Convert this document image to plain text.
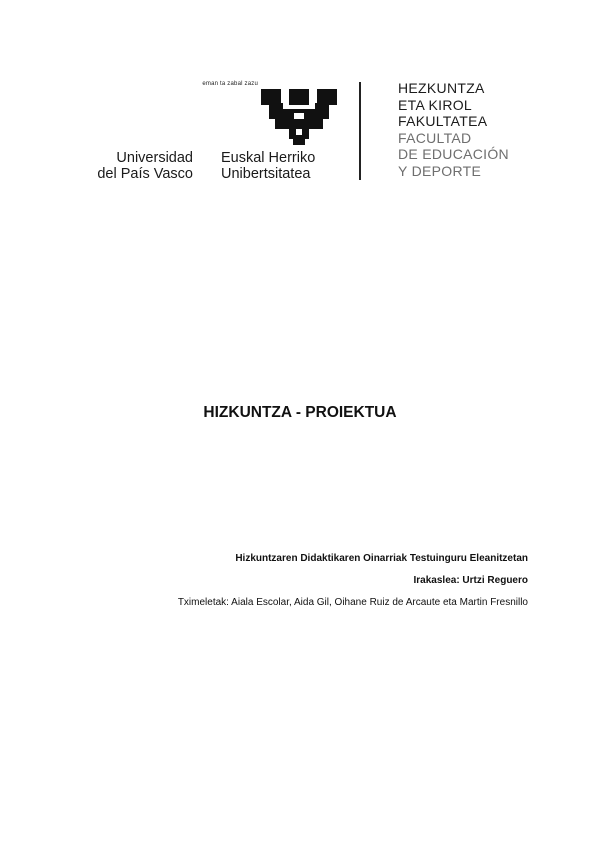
eman ta zabal zazu
Universidad
del País Vasco
Euskal Herriko
Unibertsitatea
HEZKUNTZA
ETA KIROL
FAKULTATEA
FACULTAD
DE EDUCACIÓN
Y DEPORTE
HIZKUNTZA - PROIEKTUA
Hizkuntzaren Didaktikaren Oinarriak Testuinguru Eleanitzetan
Irakaslea: Urtzi Reguero
Tximeletak: Aiala Escolar, Aida Gil, Oihane Ruiz de Arcaute eta Martin Fresnillo
